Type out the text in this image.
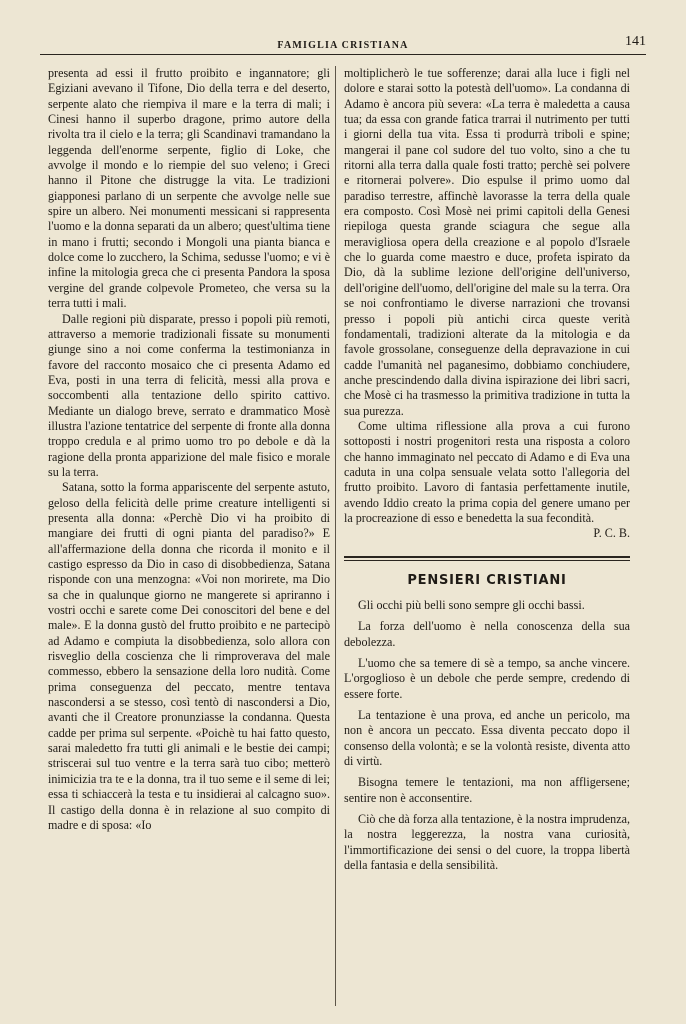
FAMIGLIA CRISTIANA	141

presenta ad essi il frutto proibito e ingannatore; gli Egiziani avevano il Tifone, Dio della terra e del deserto, serpente alato che riempiva il mare e la terra di mali; i Cinesi hanno il superbo dragone, primo autore della rivolta tra il cielo e la terra; gli Scandinavi tramandano la leggenda dell'enorme serpente, figlio di Loke, che avvolge il mondo e lo riempie del suo veleno; i Greci hanno il Pitone che distrugge la vita. Le tradizioni giapponesi parlano di un serpente che avvolge nelle sue spire un albero. Nei monumenti messicani si rappresenta l'uomo e la donna separati da un albero; quest'ultima tiene in mano i frutti; secondo i Mongoli una pianta bianca e dolce come lo zucchero, la Schima, sedusse l'uomo; e vi è infine la mitologia greca che ci presenta Pandora la sposa vergine del grande colpevole Prometeo, che versa su la terra tutti i mali.

Dalle regioni più disparate, presso i popoli più remoti, attraverso a memorie tradizionali fissate su monumenti giunge sino a noi come conferma la testimonianza in favore del racconto mosaico che ci presenta Adamo ed Eva, posti in una terra di felicità, messi alla prova e soccombenti alla tentazione dello spirito cattivo. Mediante un dialogo breve, serrato e drammatico Mosè illustra l'azione tentatrice del serpente di fronte alla donna troppo credula e al primo uomo tro po debole e dà la ragione della pronta apparizione del male fisico e morale su la terra.

Satana, sotto la forma appariscente del serpente astuto, geloso della felicità delle prime creature intelligenti si presenta alla donna: «Perchè Dio vi ha proibito di mangiare dei frutti di ogni pianta del paradiso?» E all'affermazione della donna che ricorda il monito e il castigo espresso da Dio in caso di disobbedienza, Satana risponde con una menzogna: «Voi non morirete, ma Dio sa che in qualunque giorno ne mangerete si apriranno i vostri occhi e sarete come Dei conoscitori del bene e del male». E la donna gustò del frutto proibito e ne partecipò ad Adamo e compiuta la disobbedienza, solo allora con risveglio della coscienza che li rimproverava del male commesso, ebbero la sensazione della loro nudità. Come prima conseguenza del peccato, mentre tentava nascondersi a se stesso, così tentò di nascondersi a Dio, avanti che il Creatore pronunziasse la condanna. Questa cadde per prima sul serpente. «Poichè tu hai fatto questo, sarai maledetto fra tutti gli animali e le bestie dei campi; striscerai sul tuo ventre e la terra sarà tuo cibo; metterò inimicizia tra te e la donna, tra il tuo seme e il seme di lei; essa ti schiaccerà la testa e tu insidierai al calcagno suo». Il castigo della donna è in relazione al suo compito di madre e di sposa: «Io

moltiplicherò le tue sofferenze; darai alla luce i figli nel dolore e starai sotto la potestà dell'uomo». La condanna di Adamo è ancora più severa: «La terra è maledetta a causa tua; da essa con grande fatica trarrai il nutrimento per tutti i giorni della tua vita. Essa ti produrrà triboli e spine; mangerai il pane col sudore del tuo volto, sino a che tu ritorni alla terra dalla quale fosti tratto; perchè sei polvere e ritornerai polvere». Dio espulse il primo uomo dal paradiso terrestre, affinchè lavorasse la terra della quale era composto. Così Mosè nei primi capitoli della Genesi riepiloga questa grande sciagura che segue alla meravigliosa opera della creazione e al popolo d'Israele che lo guarda come maestro e duce, profeta ispirato da Dio, dà la sublime lezione dell'origine dell'universo, dell'origine dell'uomo, dell'origine del male su la terra. Ora se noi confrontiamo le diverse narrazioni che trovansi presso i popoli più antichi circa queste verità fondamentali, tradizioni alterate da la mitologia e da favole grossolane, conseguenze della depravazione in cui cadde l'umanità nel paganesimo, dobbiamo conchiudere, anche prescindendo dalla divina ispirazione dei libri sacri, che Mosè ci ha trasmesso la primitiva tradizione in tutta la sua purezza.

Come ultima riflessione alla prova a cui furono sottoposti i nostri progenitori resta una risposta a coloro che hanno immaginato nel peccato di Adamo e di Eva una caduta in una colpa sensuale velata sotto l'allegoria del frutto proibito. Lavoro di fantasia perfettamente inutile, avendo Iddio creato la prima copia del genere umano per la procreazione di esso e benedetta la sua fecondità.

P. C. B.
PENSIERI CRISTIANI

Gli occhi più belli sono sempre gli occhi bassi.

La forza dell'uomo è nella conoscenza della sua debolezza.

L'uomo che sa temere di sè a tempo, sa anche vincere. L'orgoglioso è un debole che perde sempre, credendo di essere forte.

La tentazione è una prova, ed anche un pericolo, ma non è ancora un peccato. Essa diventa peccato dopo il consenso della volontà; e se la volontà resiste, diventa atto di virtù.

Bisogna temere le tentazioni, ma non affligersene; sentire non è acconsentire.

Ciò che dà forza alla tentazione, è la nostra imprudenza, la nostra leggerezza, la nostra vana curiosità, l'immortificazione dei sensi o del cuore, la troppa libertà della fantasia e della sensibilità.
